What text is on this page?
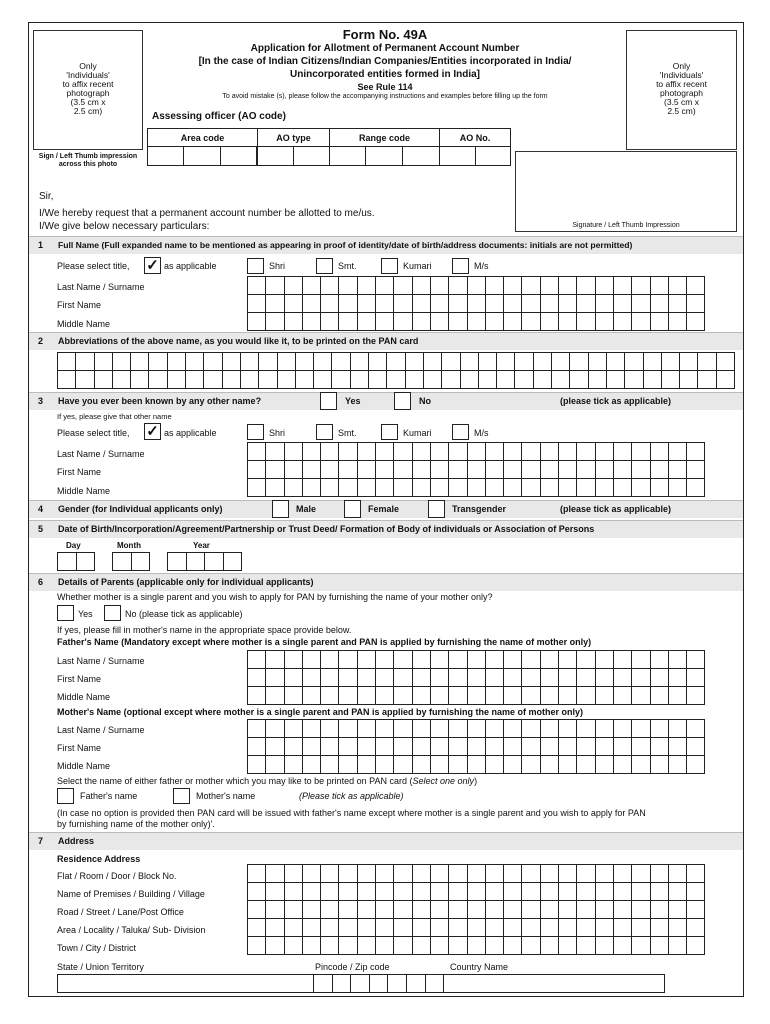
Only
'Individuals'
to affix recent
photograph
(3.5 cm x
2.5 cm)
Sign / Left Thumb impression
across this photo
Only
'Individuals'
to affix recent
photograph
(3.5 cm x
2.5 cm)
Form No. 49A
Application for Allotment of Permanent Account Number
[In the case of Indian Citizens/Indian Companies/Entities incorporated in India/
Unincorporated entities formed in India]
See Rule 114
To avoid mistake (s), please follow the accompanying instructions and examples before filling up the form
Assessing officer (AO code)
Area code	AO type	Range code	AO No.
Signature / Left Thumb Impression
Sir,
I/We hereby request that a permanent account number be allotted to me/us.
I/We give below necessary particulars:
1 Full Name (Full expanded name to be mentioned as appearing in proof of identity/date of birth/address documents: initials are not permitted)
Please select title, ✓ as applicable	Shri	Smt.	Kumari	M/s
Last Name / Surname
First Name
Middle Name
2 Abbreviations of the above name, as you would like it, to be printed on the PAN card
3 Have you ever been known by any other name?	Yes	No	(please tick as applicable)
If yes, please give that other name
Please select title, ✓ as applicable	Shri	Smt.	Kumari	M/s
Last Name / Surname
First Name
Middle Name
4 Gender (for Individual applicants only)	Male	Female	Transgender	(please tick as applicable)
5 Date of Birth/Incorporation/Agreement/Partnership or Trust Deed/ Formation of Body of individuals or Association of Persons
Day	Month	Year
6 Details of Parents (applicable only for individual applicants)
Whether mother is a single parent and you wish to apply for PAN by furnishing the name of your mother only?
Yes	No (please tick as applicable)
If yes, please fill in mother's name in the appropriate space provide below.
Father's Name (Mandatory except where mother is a single parent and PAN is applied by furnishing the name of mother only)
Last Name / Surname
First Name
Middle Name
Mother's Name (optional except where mother is a single parent and PAN is applied by furnishing the name of mother only)
Last Name / Surname
First Name
Middle Name
Select the name of either father or mother which you may like to be printed on PAN card (Select one only)
Father's name	Mother's name	(Please tick as applicable)
(In case no option is provided then PAN card will be issued with father's name except where mother is a single parent and you wish to apply for PAN
by furnishing name of the mother only)'.
7 Address
Residence Address
Flat / Room / Door / Block No.
Name of Premises / Building / Village
Road / Street / Lane/Post Office
Area / Locality / Taluka/ Sub- Division
Town / City / District
State / Union Territory	Pincode / Zip code	Country Name
